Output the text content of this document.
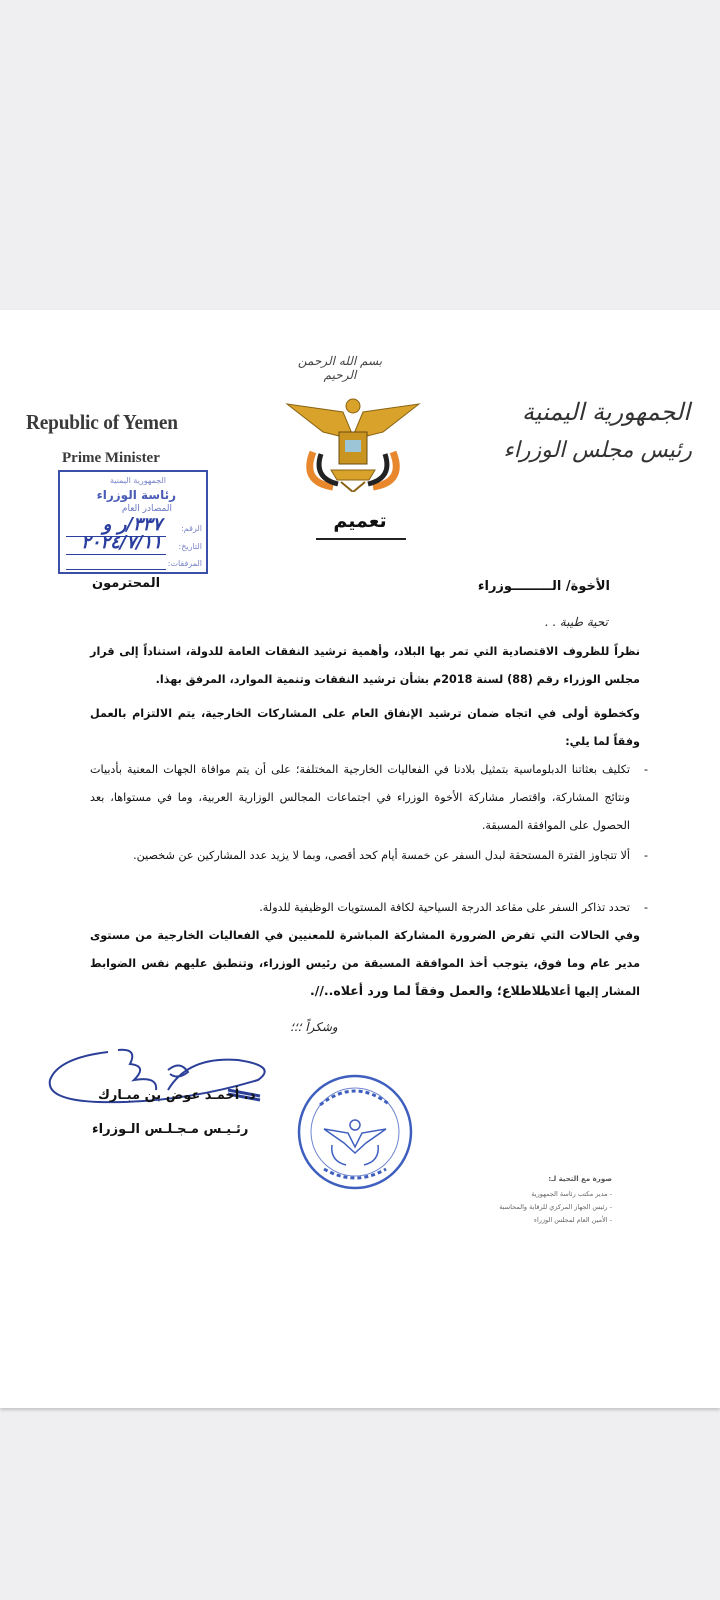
بسم الله الرحمن الرحيم
Republic of Yemen
Prime Minister
الجمهورية اليمنية
رئيس مجلس الوزراء
الجمهورية اليمنية
رئاسة الوزراء
المصادر العام
الرقم:
٣٣٧/ر و
التاريخ:
٢٠٢٤/٧/١١
المرفقات:
تعميم
الأخوة/ الـــــــــوزراء
المحترمون
تحية طيبة . .
نظراً للظروف الاقتصادية التي تمر بها البلاد، وأهمية ترشيد النفقات العامة للدولة، استناداً إلى قرار مجلس الوزراء رقم (88) لسنة 2018م بشأن ترشيد النفقات وتنمية الموارد، المرفق بهذا.
وكخطوة أولى في اتجاه ضمان ترشيد الإنفاق العام على المشاركات الخارجية، يتم الالتزام بالعمل وفقاً لما يلي:
-
تكليف بعثاتنا الدبلوماسية بتمثيل بلادنا في الفعاليات الخارجية المختلفة؛ على أن يتم موافاة الجهات المعنية بأدبيات ونتائج المشاركة، واقتصار مشاركة الأخوة الوزراء في اجتماعات المجالس الوزارية العربية، وما في مستواها، بعد الحصول على الموافقة المسبقة.
-
ألا تتجاوز الفترة المستحقة لبدل السفر عن خمسة أيام كحد أقصى، وبما لا يزيد عدد المشاركين عن شخصين.
-
تحدد تذاكر السفر على مقاعد الدرجة السياحية لكافة المستويات الوظيفية للدولة.
وفي الحالات التي تفرض الضرورة المشاركة المباشرة للمعنيين في الفعاليات الخارجية من مستوى مدير عام وما فوق، يتوجب أخذ الموافقة المسبقة من رئيس الوزراء، وتنطبق عليهم نفس الضوابط المشار إليها أعلاه.
للاطلاع؛ والعمل وفقاً لما ورد أعلاه..//.
وشكراً ؛؛؛
د. أحمـد عوض بن مبـارك
رئـيـس مـجـلـس الـوزراء
صورة مع التحية لـ:
- مدير مكتب رئاسة الجمهورية
- رئيس الجهاز المركزي للرقابة والمحاسبة
- الأمين العام لمجلس الوزراء
